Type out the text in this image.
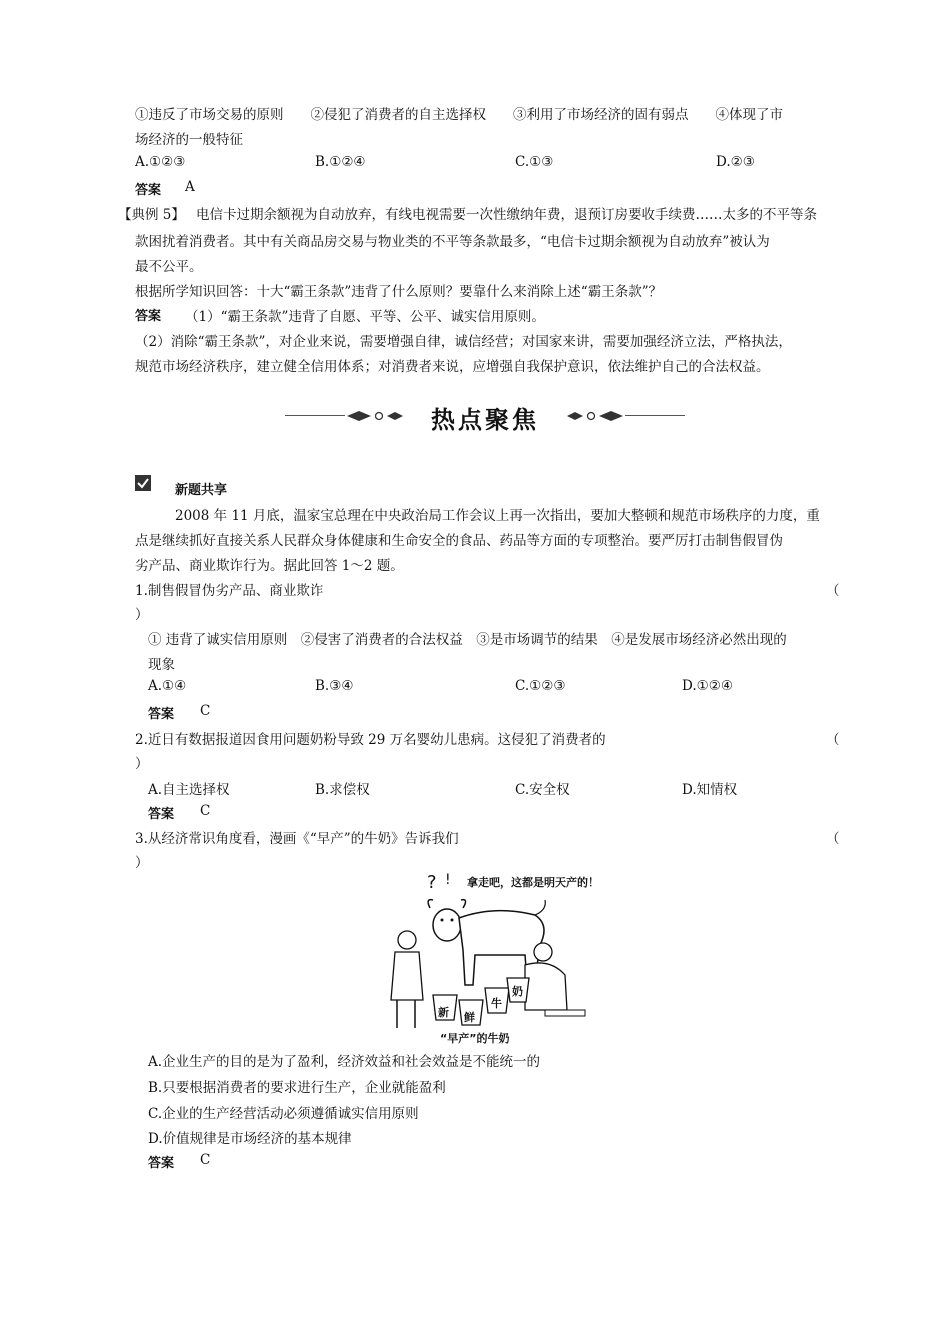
①违反了市场交易的原则　　②侵犯了消费者的自主选择权　　③利用了市场经济的固有弱点　　④体现了市
场经济的一般特征
A.①②③	B.①②④	C.①③	D.②③
答案 A
【典例 5】 电信卡过期余额视为自动放弃，有线电视需要一次性缴纳年费，退预订房要收手续费……太多的不平等条
款困扰着消费者。其中有关商品房交易与物业类的不平等条款最多，“电信卡过期余额视为自动放弃”被认为
最不公平。
根据所学知识回答：十大“霸王条款”违背了什么原则？要靠什么来消除上述“霸王条款”？
答案 （1）“霸王条款”违背了自愿、平等、公平、诚实信用原则。
（2）消除“霸王条款”，对企业来说，需要增强自律，诚信经营；对国家来讲，需要加强经济立法，严格执法，
规范市场经济秩序，建立健全信用体系；对消费者来说，应增强自我保护意识，依法维护自己的合法权益。
热点聚焦
新题共享
2008 年 11 月底，温家宝总理在中央政治局工作会议上再一次指出，要加大整顿和规范市场秩序的力度，重
点是继续抓好直接关系人民群众身体健康和生命安全的食品、药品等方面的专项整治。要严厉打击制售假冒伪
劣产品、商业欺诈行为。据此回答 1～2 题。
1.制售假冒伪劣产品、商业欺诈	（
）
① 违背了诚实信用原则　②侵害了消费者的合法权益　③是市场调节的结果　④是发展市场经济必然出现的
现象
A.①④	B.③④	C.①②③	D.①②④
答案 C
2.近日有数据报道因食用问题奶粉导致 29 万名婴幼儿患病。这侵犯了消费者的	（
）
A.自主选择权	B.求偿权	C.安全权	D.知情权
答案 C
3.从经济常识角度看，漫画《“早产”的牛奶》告诉我们	（
）
? ! 拿走吧，这都是明天产的！
新 鲜
牛
奶
“早产”的牛奶
A.企业生产的目的是为了盈利，经济效益和社会效益是不能统一的
B.只要根据消费者的要求进行生产，企业就能盈利
C.企业的生产经营活动必须遵循诚实信用原则
D.价值规律是市场经济的基本规律
答案 C
